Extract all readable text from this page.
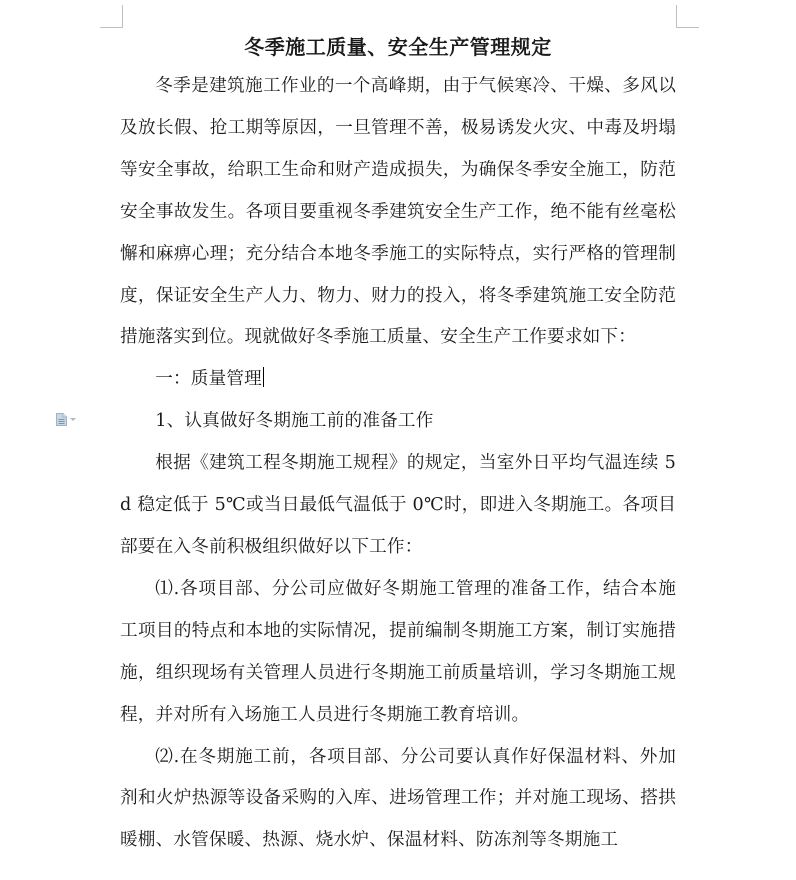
冬季施工质量、安全生产管理规定

冬季是建筑施工作业的一个高峰期，由于气候寒冷、干燥、多风以及放长假、抢工期等原因，一旦管理不善，极易诱发火灾、中毒及坍塌等安全事故，给职工生命和财产造成损失，为确保冬季安全施工，防范安全事故发生。各项目要重视冬季建筑安全生产工作，绝不能有丝毫松懈和麻痹心理；充分结合本地冬季施工的实际特点，实行严格的管理制度，保证安全生产人力、物力、财力的投入，将冬季建筑施工安全防范措施落实到位。现就做好冬季施工质量、安全生产工作要求如下：

一：质量管理

1、认真做好冬期施工前的准备工作

根据《建筑工程冬期施工规程》的规定，当室外日平均气温连续 5d 稳定低于 5℃或当日最低气温低于 0℃时，即进入冬期施工。各项目部要在入冬前积极组织做好以下工作：

⑴.各项目部、分公司应做好冬期施工管理的准备工作，结合本施工项目的特点和本地的实际情况，提前编制冬期施工方案，制订实施措施，组织现场有关管理人员进行冬期施工前质量培训，学习冬期施工规程，并对所有入场施工人员进行冬期施工教育培训。

⑵.在冬期施工前，各项目部、分公司要认真作好保温材料、外加剂和火炉热源等设备采购的入库、进场管理工作；并对施工现场、搭拱暖棚、水管保暖、热源、烧水炉、保温材料、防冻剂等冬期施工
